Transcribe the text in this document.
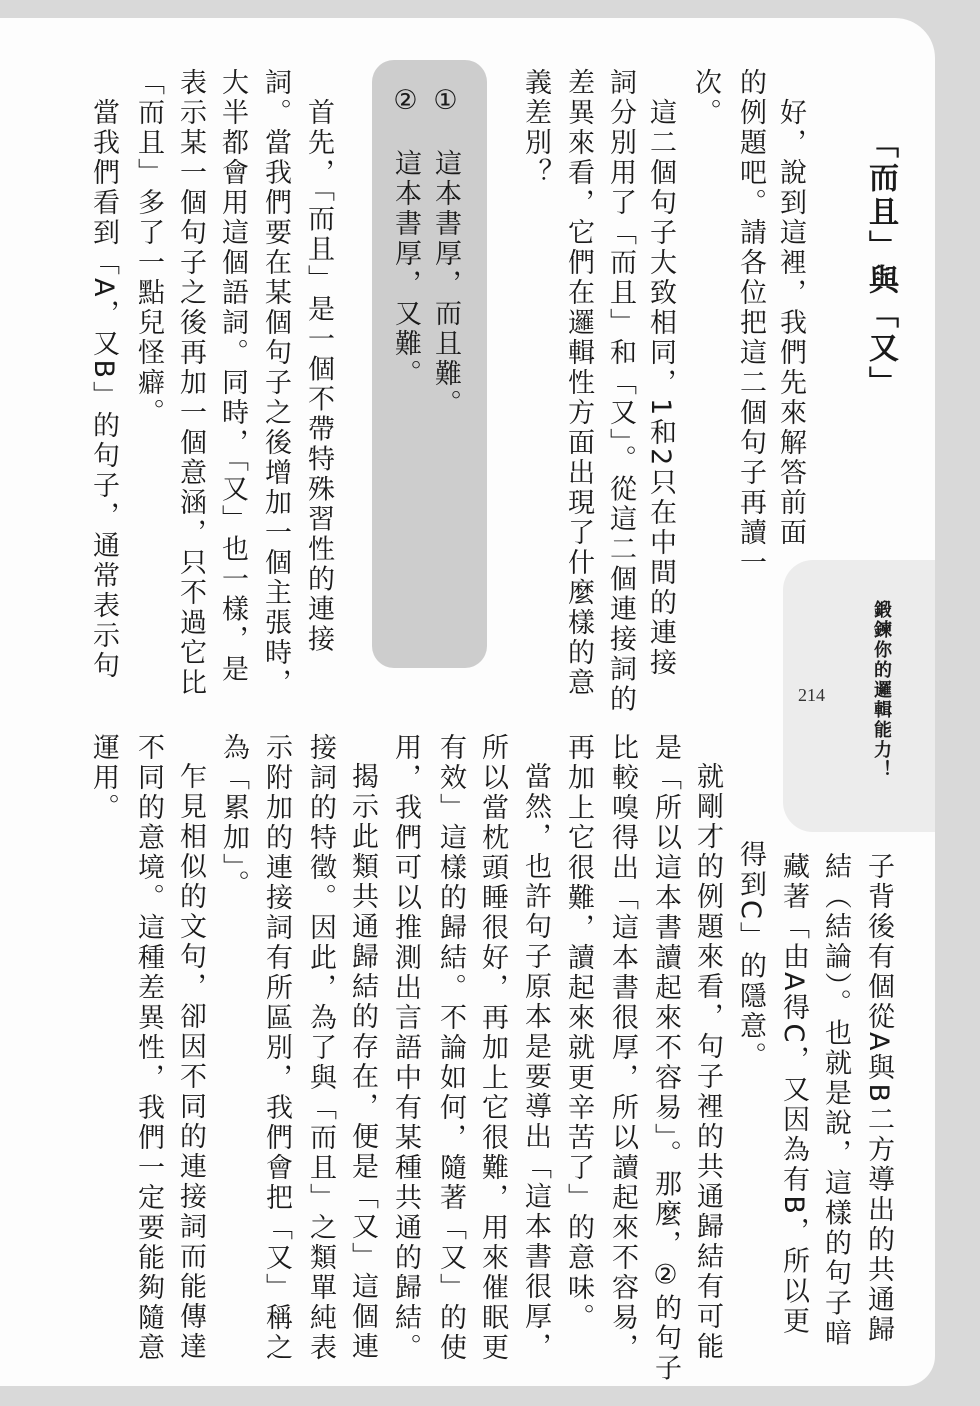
鍛鍊你的邏輯能力！
214
「而且」與「又」
好，說到這裡，我們先來解答前面
的例題吧。請各位把這二個句子再讀一
次。
這二個句子大致相同，1和2只在中間的連接
詞分別用了「而且」和「又」。從這二個連接詞的
差異來看，它們在邏輯性方面出現了什麼樣的意
義差別？
①　這本書厚，而且難。
②　這本書厚，又難。
首先，「而且」是一個不帶特殊習性的連接
詞。當我們要在某個句子之後增加一個主張時，
大半都會用這個語詞。同時，「又」也一樣，是
表示某一個句子之後再加一個意涵，只不過它比
「而且」多了一點兒怪癖。
當我們看到「A，又B」的句子，通常表示句
子背後有個從A與B二方導出的共通歸
結（結論）。也就是說，這樣的句子暗
藏著「由A得C，又因為有B，所以更
得到C」的隱意。
就剛才的例題來看，句子裡的共通歸結有可能
是「所以這本書讀起來不容易」。那麼，②的句子
比較嗅得出「這本書很厚，所以讀起來不容易，
再加上它很難，讀起來就更辛苦了」的意味。
當然，也許句子原本是要導出「這本書很厚，
所以當枕頭睡很好，再加上它很難，用來催眠更
有效」這樣的歸結。不論如何，隨著「又」的使
用，我們可以推測出言語中有某種共通的歸結。
揭示此類共通歸結的存在，便是「又」這個連
接詞的特徵。因此，為了與「而且」之類單純表
示附加的連接詞有所區別，我們會把「又」稱之
為「累加」。
乍見相似的文句，卻因不同的連接詞而能傳達
不同的意境。這種差異性，我們一定要能夠隨意
運用。
